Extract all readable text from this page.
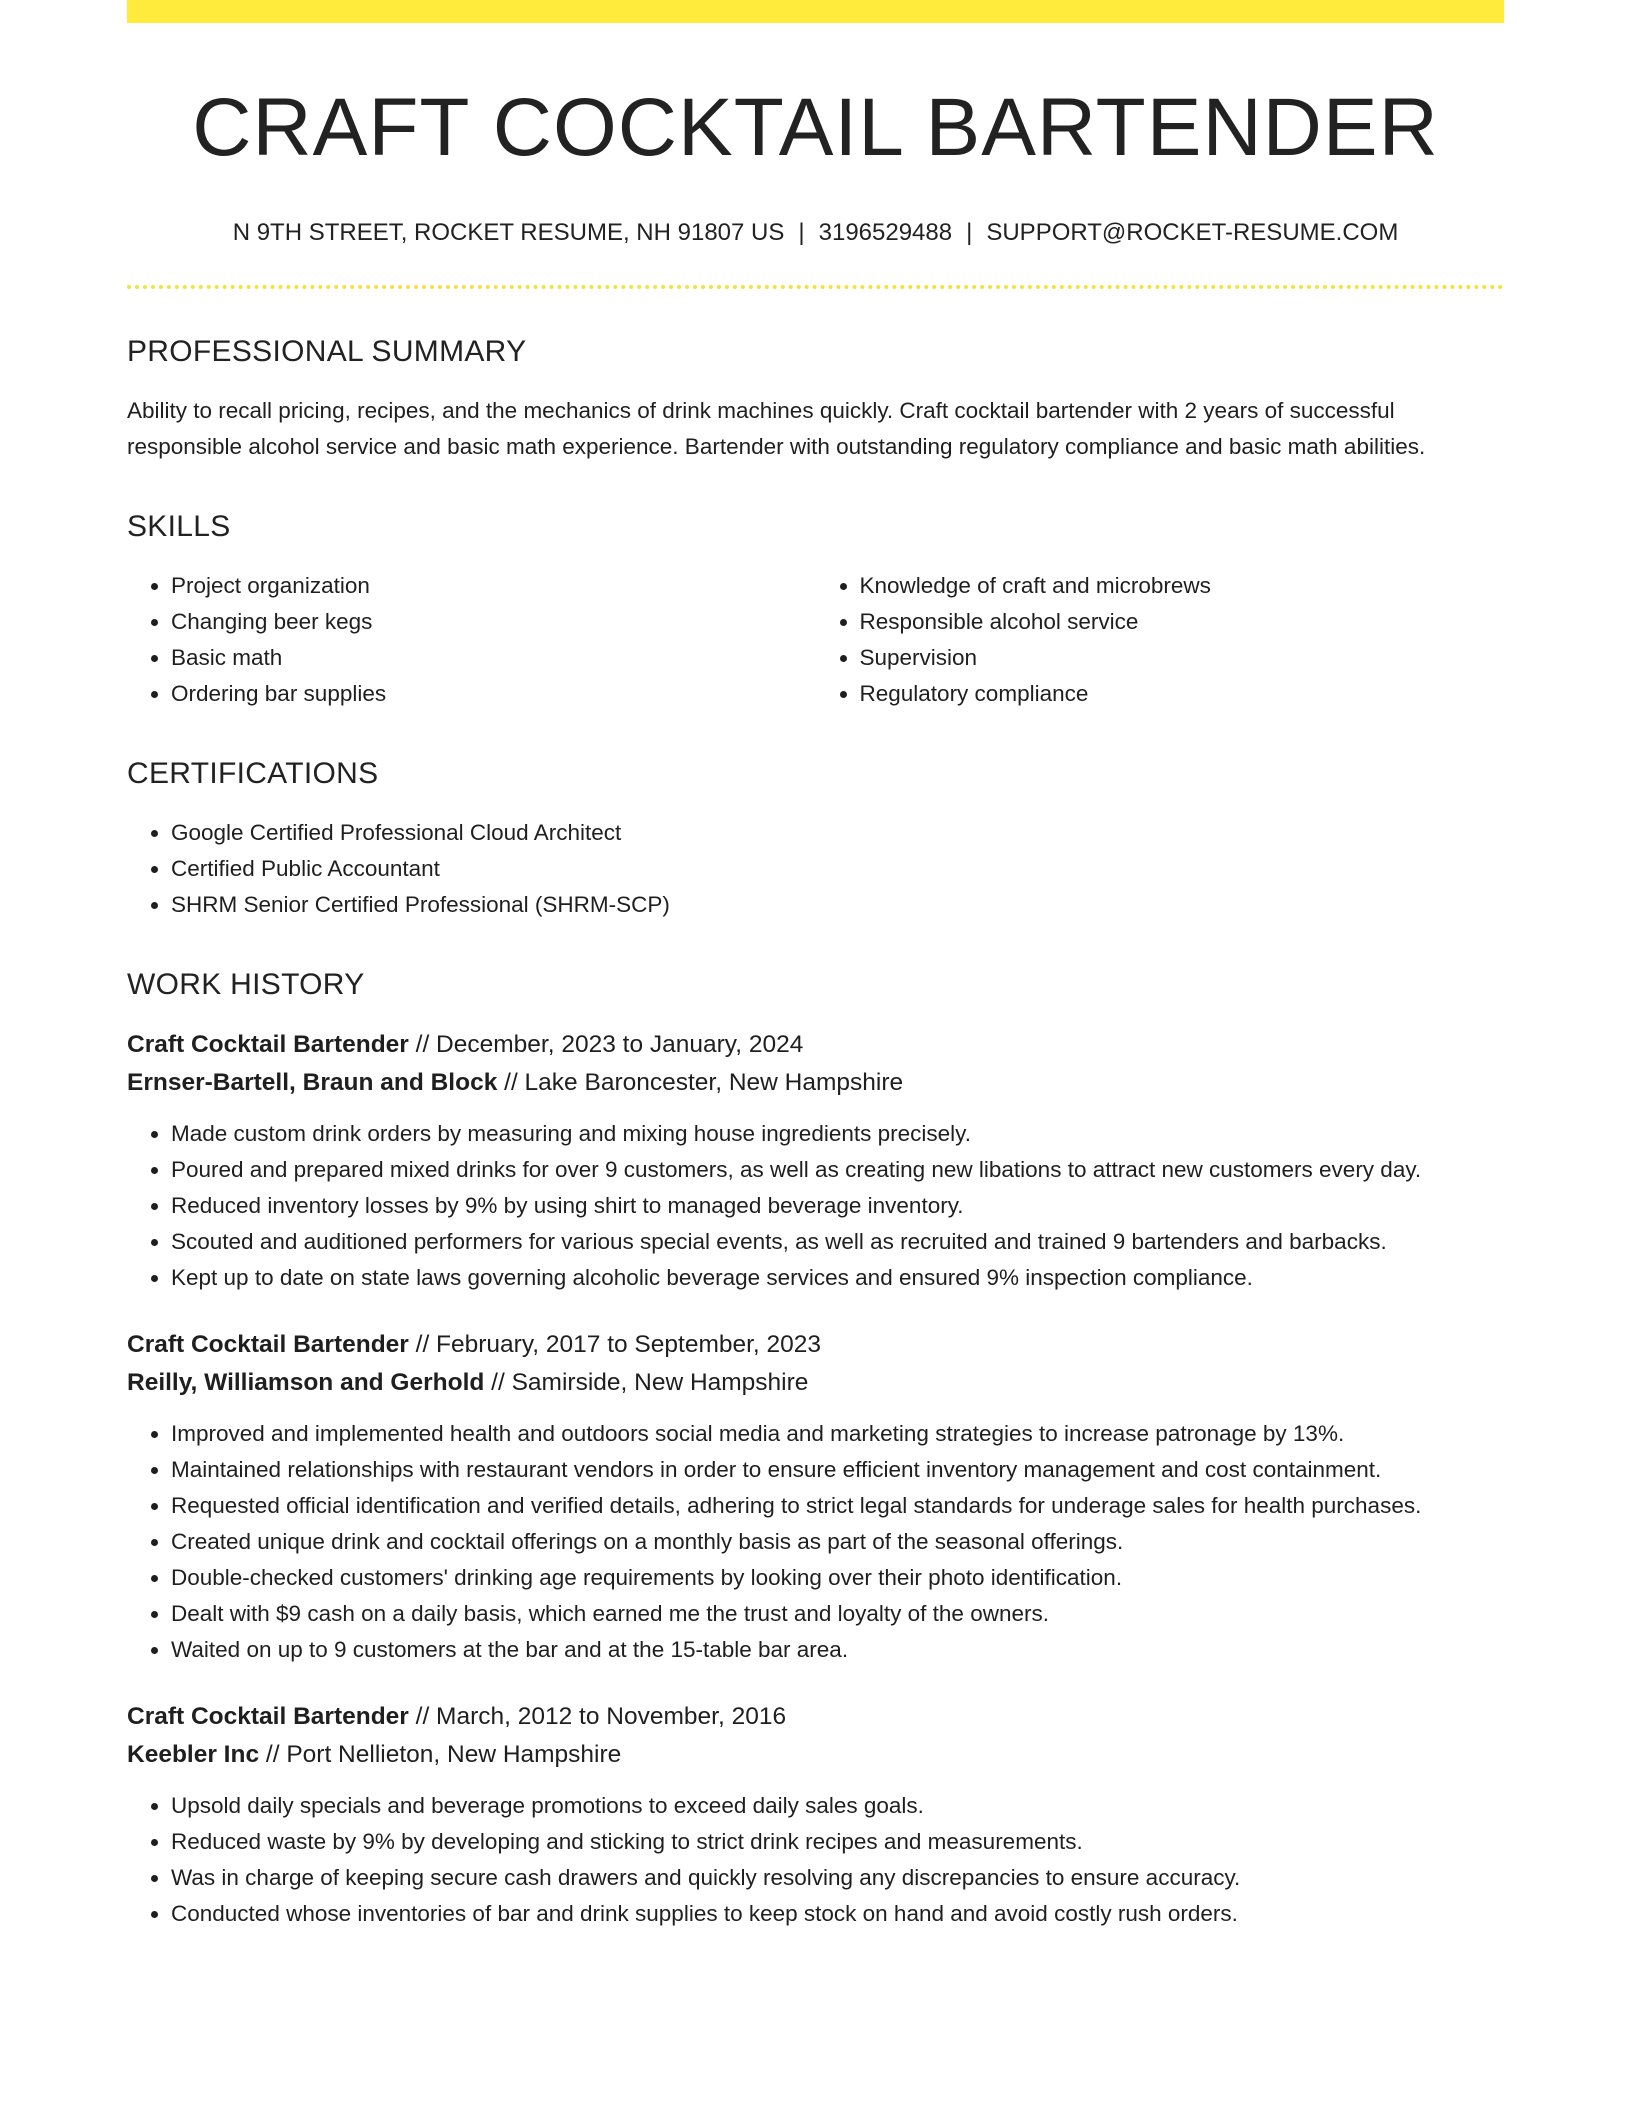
CRAFT COCKTAIL BARTENDER
N 9TH STREET, ROCKET RESUME, NH 91807 US | 3196529488 | SUPPORT@ROCKET-RESUME.COM
PROFESSIONAL SUMMARY

Ability to recall pricing, recipes, and the mechanics of drink machines quickly. Craft cocktail bartender with 2 years of successful responsible alcohol service and basic math experience. Bartender with outstanding regulatory compliance and basic math abilities.

SKILLS
• Project organization
• Changing beer kegs
• Basic math
• Ordering bar supplies
• Knowledge of craft and microbrews
• Responsible alcohol service
• Supervision
• Regulatory compliance
CERTIFICATIONS
• Google Certified Professional Cloud Architect
• Certified Public Accountant
• SHRM Senior Certified Professional (SHRM-SCP)
WORK HISTORY
Craft Cocktail Bartender // December, 2023 to January, 2024
Ernser-Bartell, Braun and Block // Lake Baroncester, New Hampshire
• Made custom drink orders by measuring and mixing house ingredients precisely.
• Poured and prepared mixed drinks for over 9 customers, as well as creating new libations to attract new customers every day.
• Reduced inventory losses by 9% by using shirt to managed beverage inventory.
• Scouted and auditioned performers for various special events, as well as recruited and trained 9 bartenders and barbacks.
• Kept up to date on state laws governing alcoholic beverage services and ensured 9% inspection compliance.
Craft Cocktail Bartender // February, 2017 to September, 2023
Reilly, Williamson and Gerhold // Samirside, New Hampshire
• Improved and implemented health and outdoors social media and marketing strategies to increase patronage by 13%.
• Maintained relationships with restaurant vendors in order to ensure efficient inventory management and cost containment.
• Requested official identification and verified details, adhering to strict legal standards for underage sales for health purchases.
• Created unique drink and cocktail offerings on a monthly basis as part of the seasonal offerings.
• Double-checked customers' drinking age requirements by looking over their photo identification.
• Dealt with $9 cash on a daily basis, which earned me the trust and loyalty of the owners.
• Waited on up to 9 customers at the bar and at the 15-table bar area.
Craft Cocktail Bartender // March, 2012 to November, 2016
Keebler Inc // Port Nellieton, New Hampshire
• Upsold daily specials and beverage promotions to exceed daily sales goals.
• Reduced waste by 9% by developing and sticking to strict drink recipes and measurements.
• Was in charge of keeping secure cash drawers and quickly resolving any discrepancies to ensure accuracy.
• Conducted whose inventories of bar and drink supplies to keep stock on hand and avoid costly rush orders.
